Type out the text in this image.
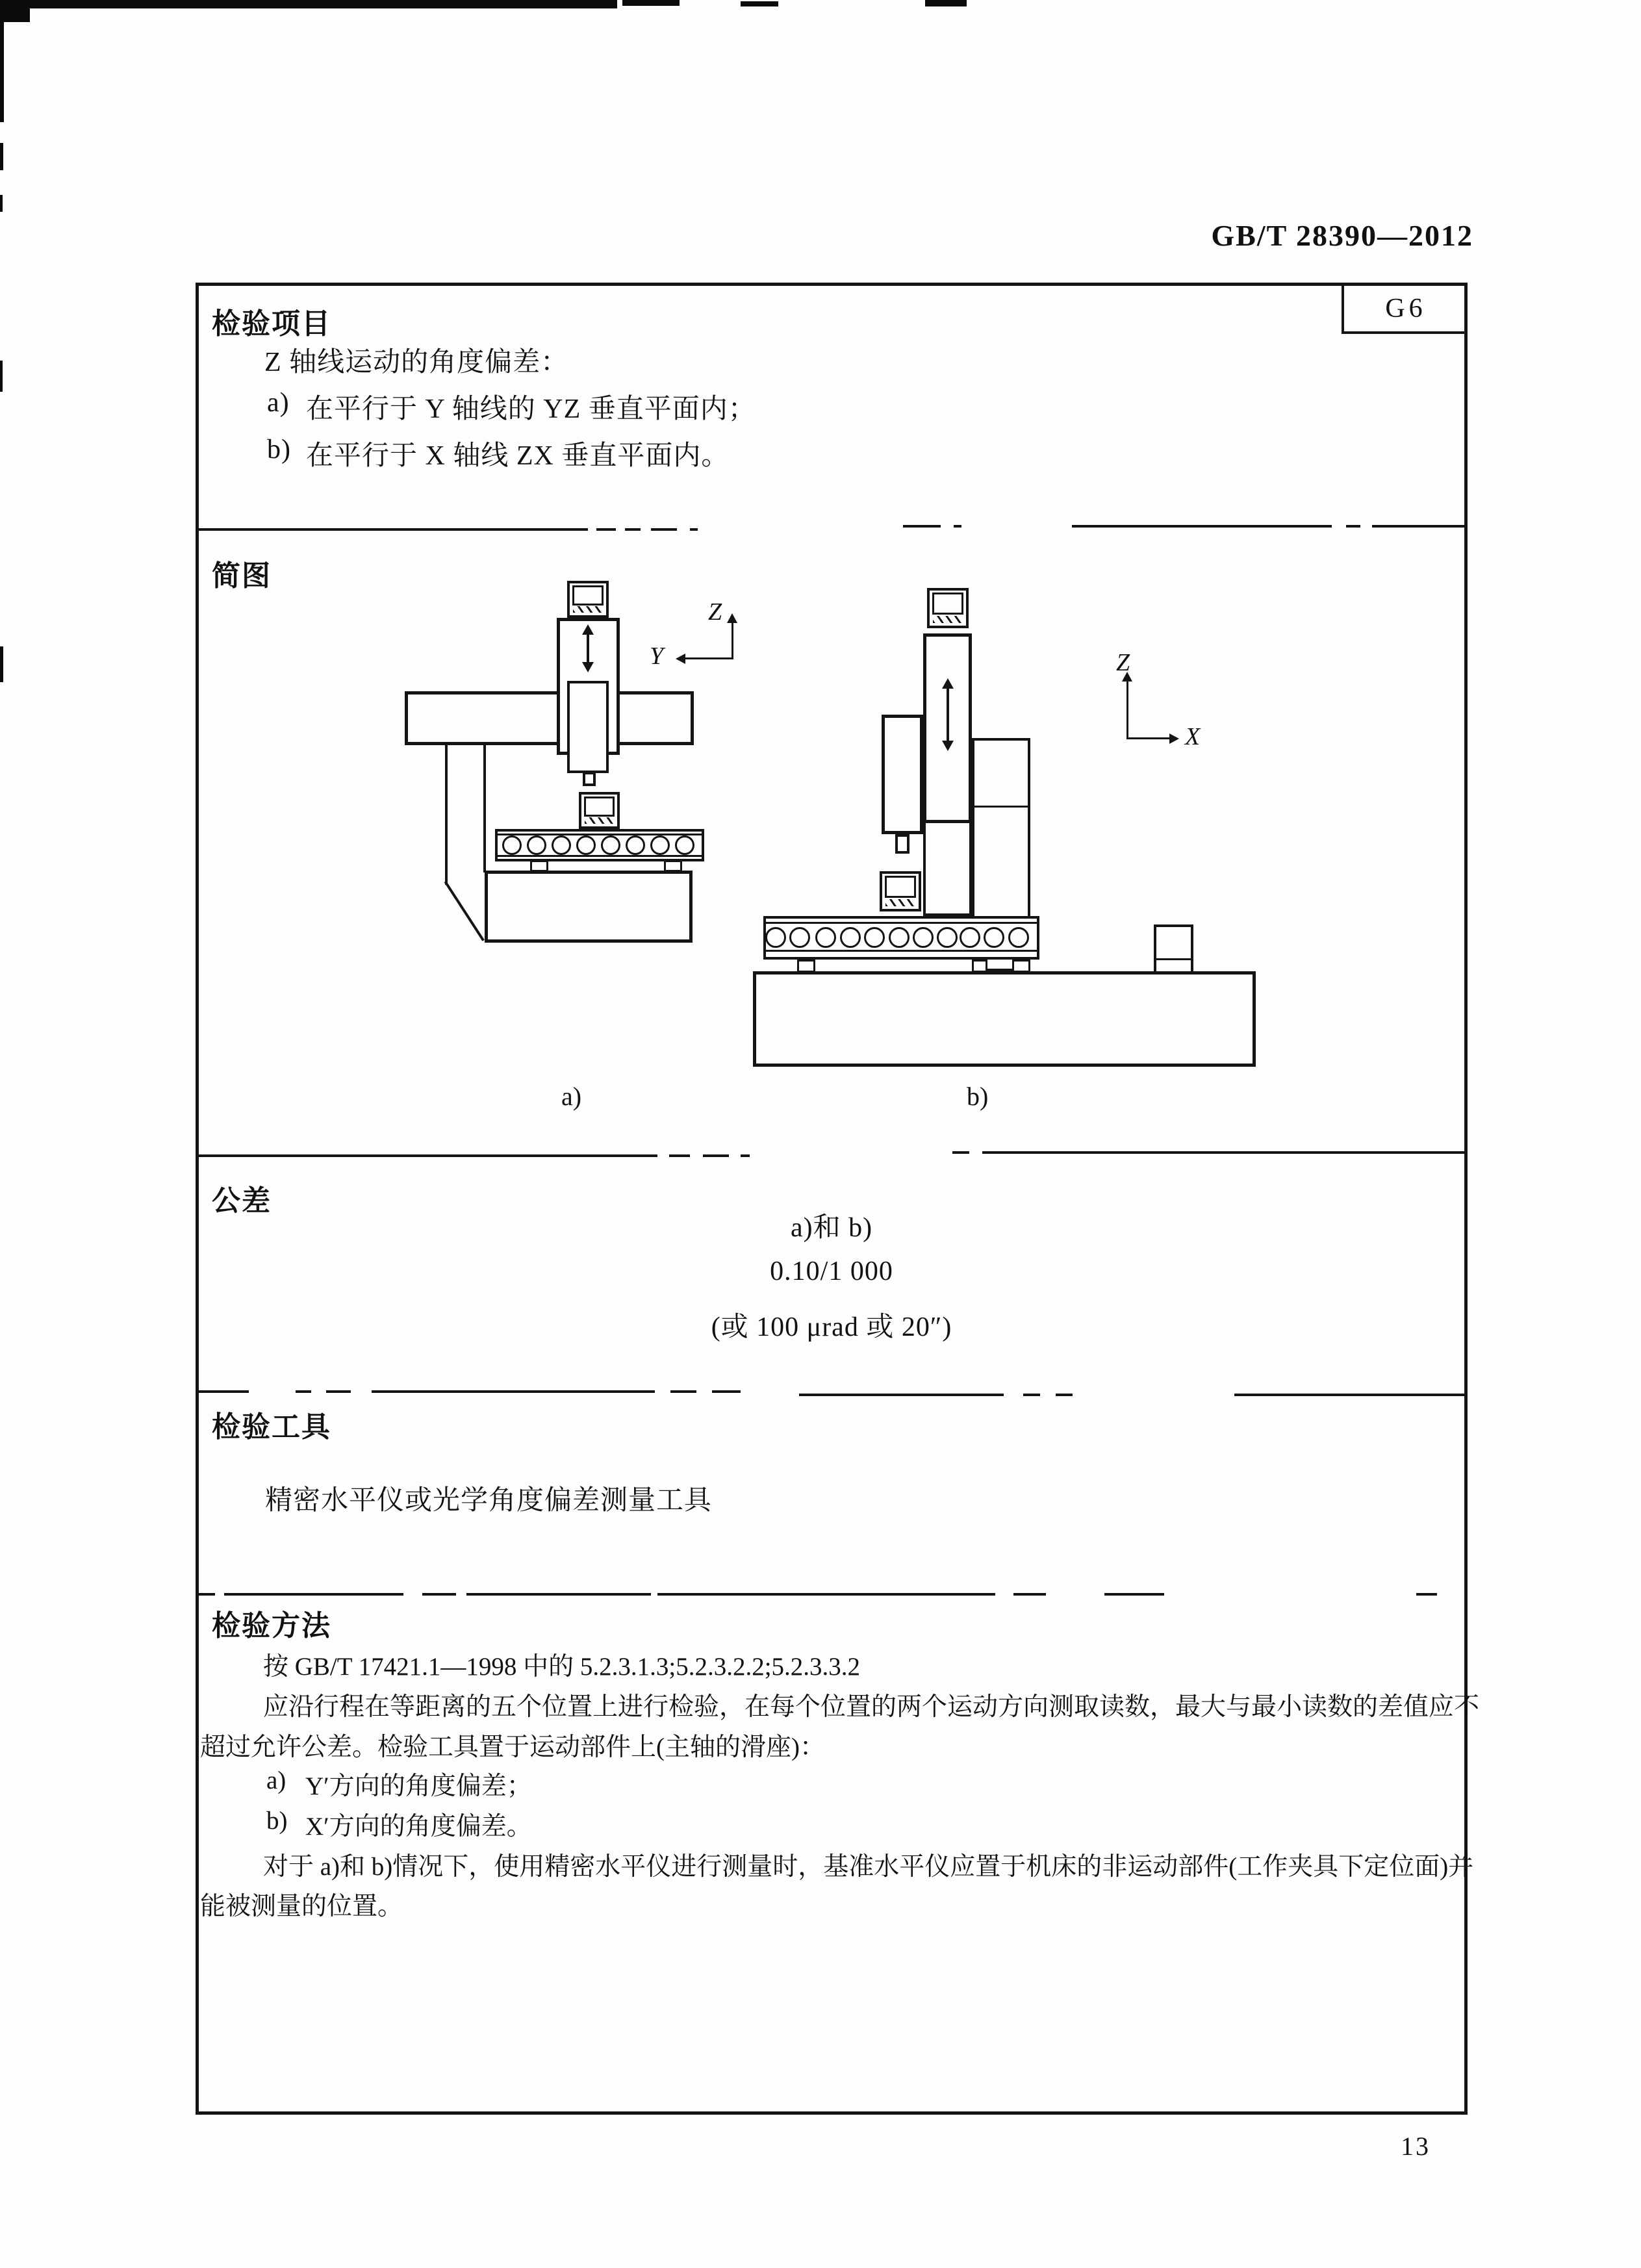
GB/T 28390—2012
G6
检验项目
Z 轴线运动的角度偏差：
a) 在平行于 Y 轴线的 YZ 垂直平面内；
b) 在平行于 X 轴线 ZX 垂直平面内。
简图
Z
Y	Z
X
a)	b)
公差
a)和 b)
0.10/1 000
(或 100 μrad 或 20″)
检验工具
精密水平仪或光学角度偏差测量工具
检验方法
按 GB/T 17421.1—1998 中的 5.2.3.1.3;5.2.3.2.2;5.2.3.3.2
应沿行程在等距离的五个位置上进行检验，在每个位置的两个运动方向测取读数，最大与最小读数的差值应不
超过允许公差。检验工具置于运动部件上(主轴的滑座)：
a) Y′方向的角度偏差；
b) X′方向的角度偏差。
对于 a)和 b)情况下，使用精密水平仪进行测量时，基准水平仪应置于机床的非运动部件(工作夹具下定位面)并
能被测量的位置。
13
